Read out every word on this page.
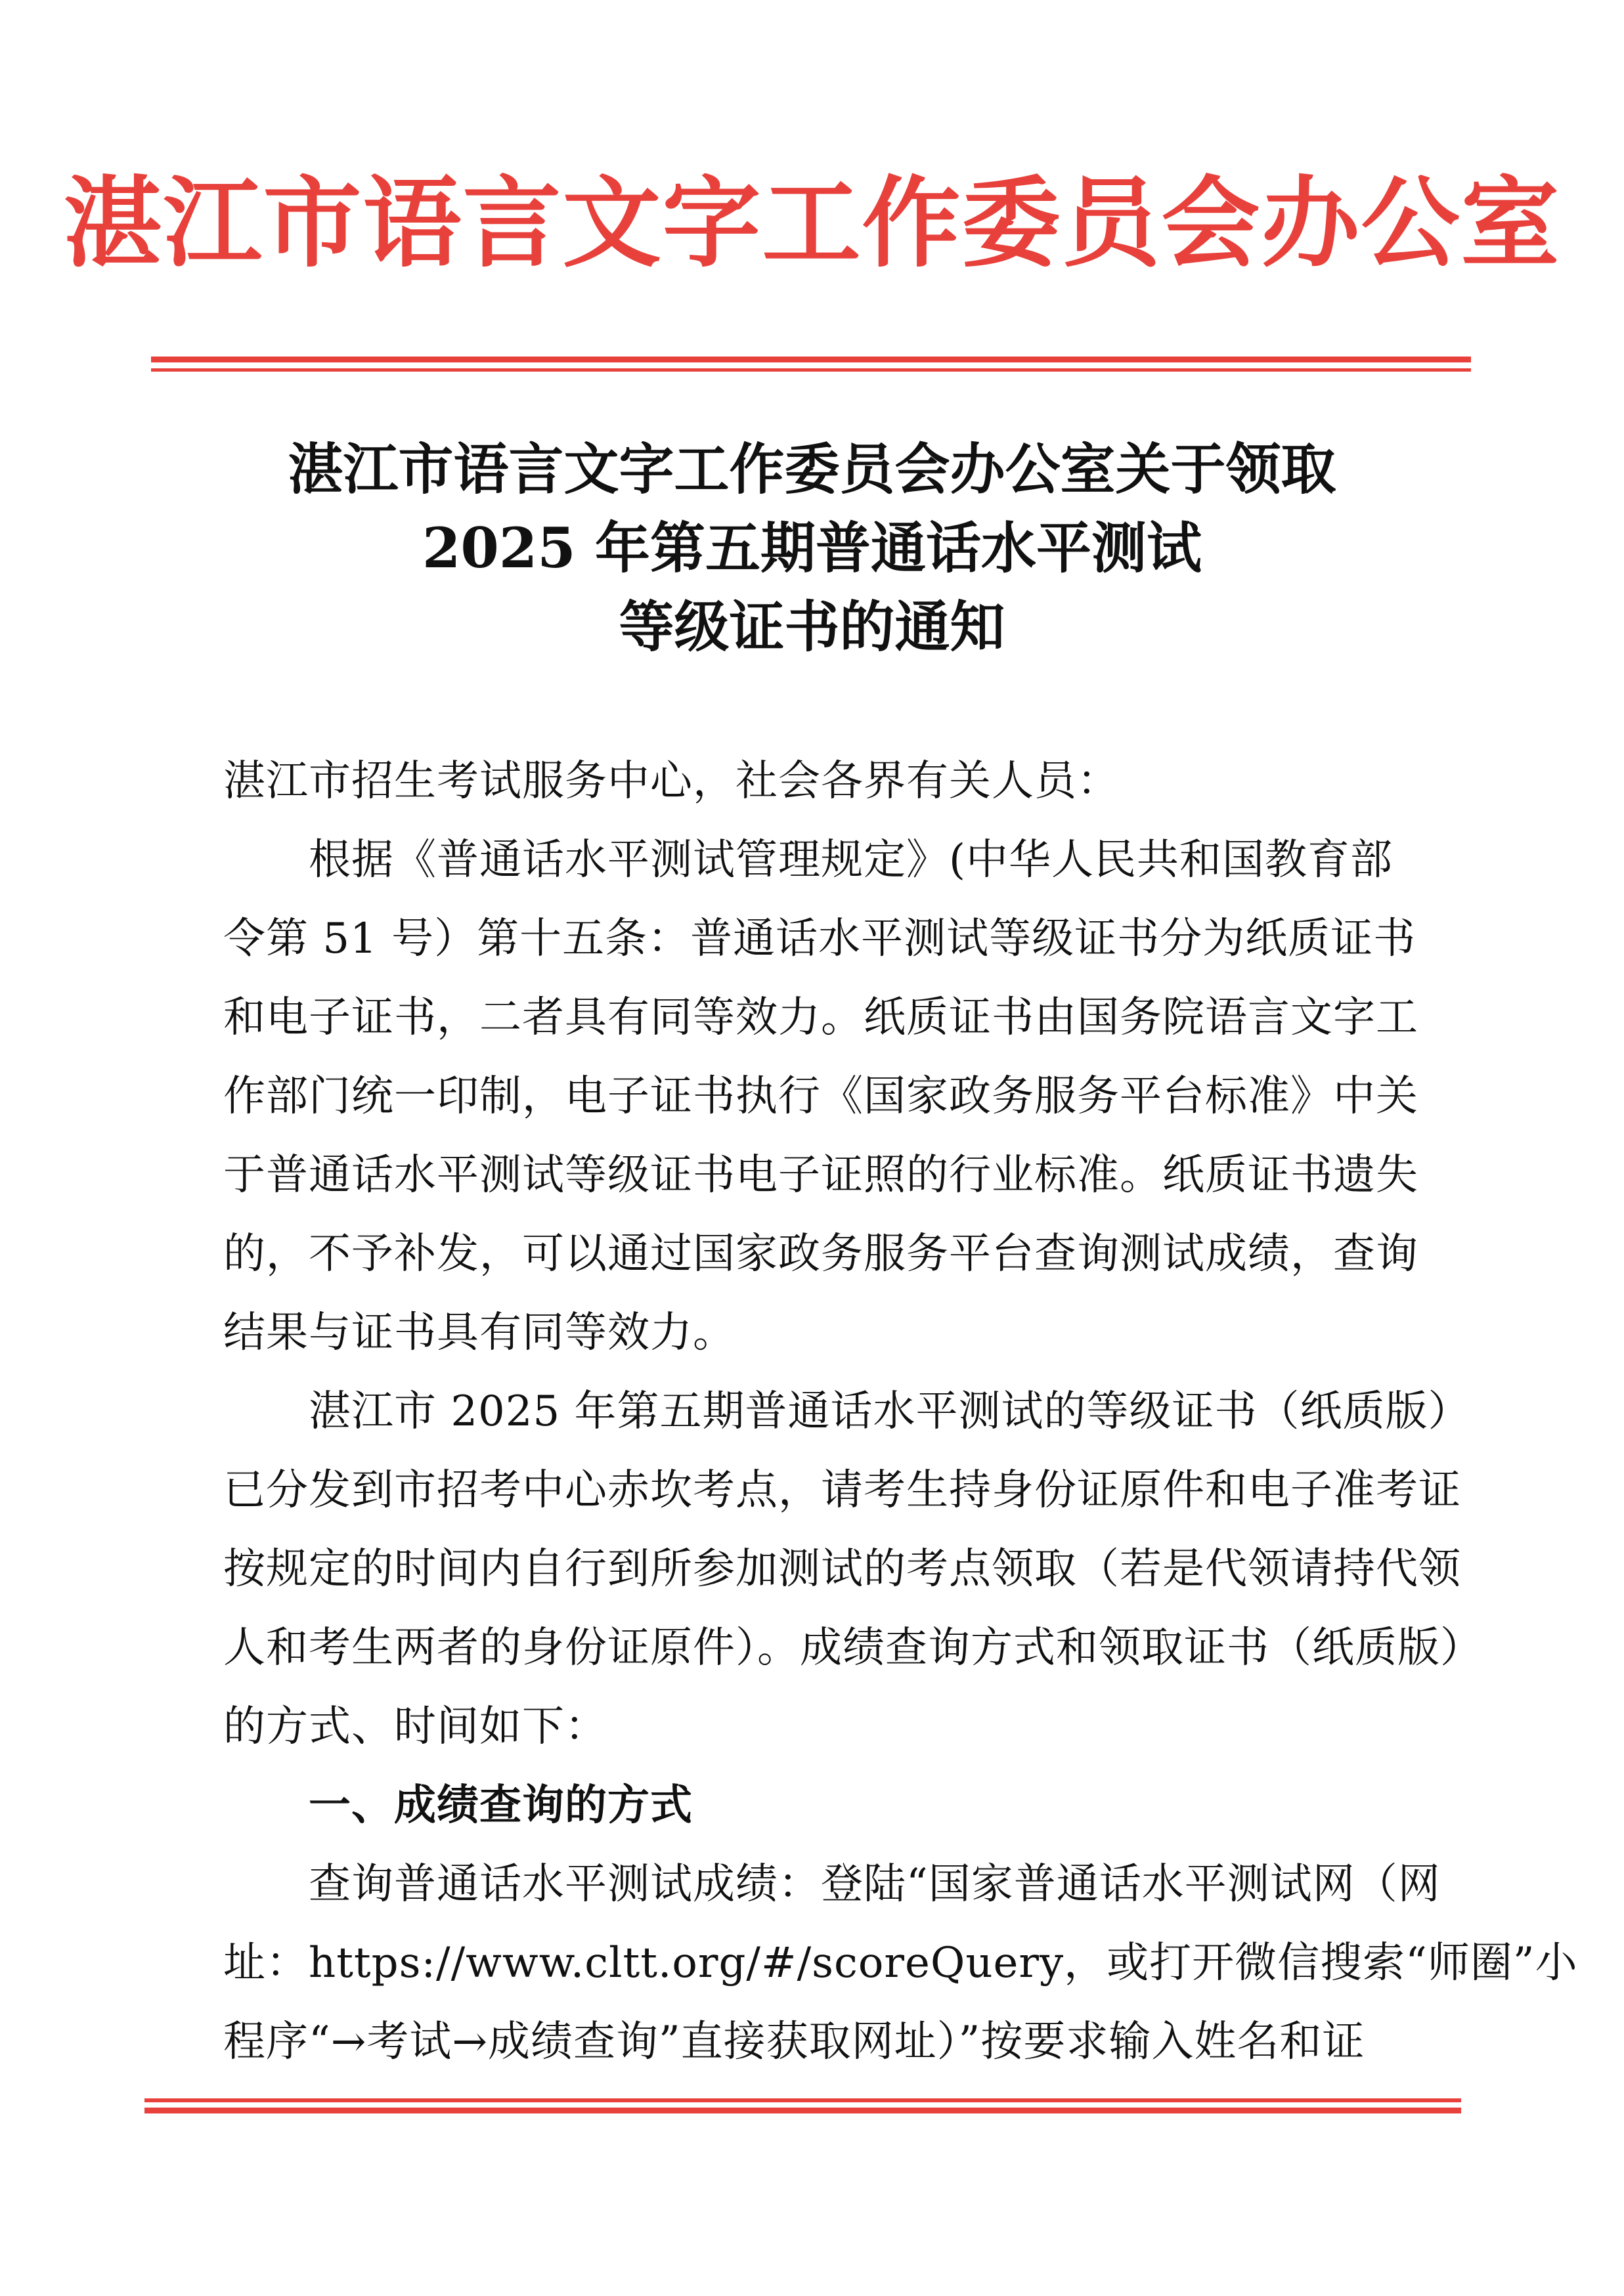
湛江市语言文字工作委员会办公室
湛江市语言文字工作委员会办公室关于领取
2025 年第五期普通话水平测试
等级证书的通知
湛江市招生考试服务中心，社会各界有关人员：
根据《普通话水平测试管理规定》(中华人民共和国教育部
令第 51 号）第十五条：普通话水平测试等级证书分为纸质证书
和电子证书，二者具有同等效力。纸质证书由国务院语言文字工
作部门统一印制，电子证书执行《国家政务服务平台标准》中关
于普通话水平测试等级证书电子证照的行业标准。纸质证书遗失
的，不予补发，可以通过国家政务服务平台查询测试成绩，查询
结果与证书具有同等效力。
湛江市 2025 年第五期普通话水平测试的等级证书（纸质版）
已分发到市招考中心赤坎考点，请考生持身份证原件和电子准考证
按规定的时间内自行到所参加测试的考点领取（若是代领请持代领
人和考生两者的身份证原件）。成绩查询方式和领取证书（纸质版）
的方式、时间如下：
一、成绩查询的方式
查询普通话水平测试成绩：登陆“国家普通话水平测试网（网
址：https://www.cltt.org/#/scoreQuery，或打开微信搜索“师圈”小
程序“→考试→成绩查询”直接获取网址）”按要求输入姓名和证
